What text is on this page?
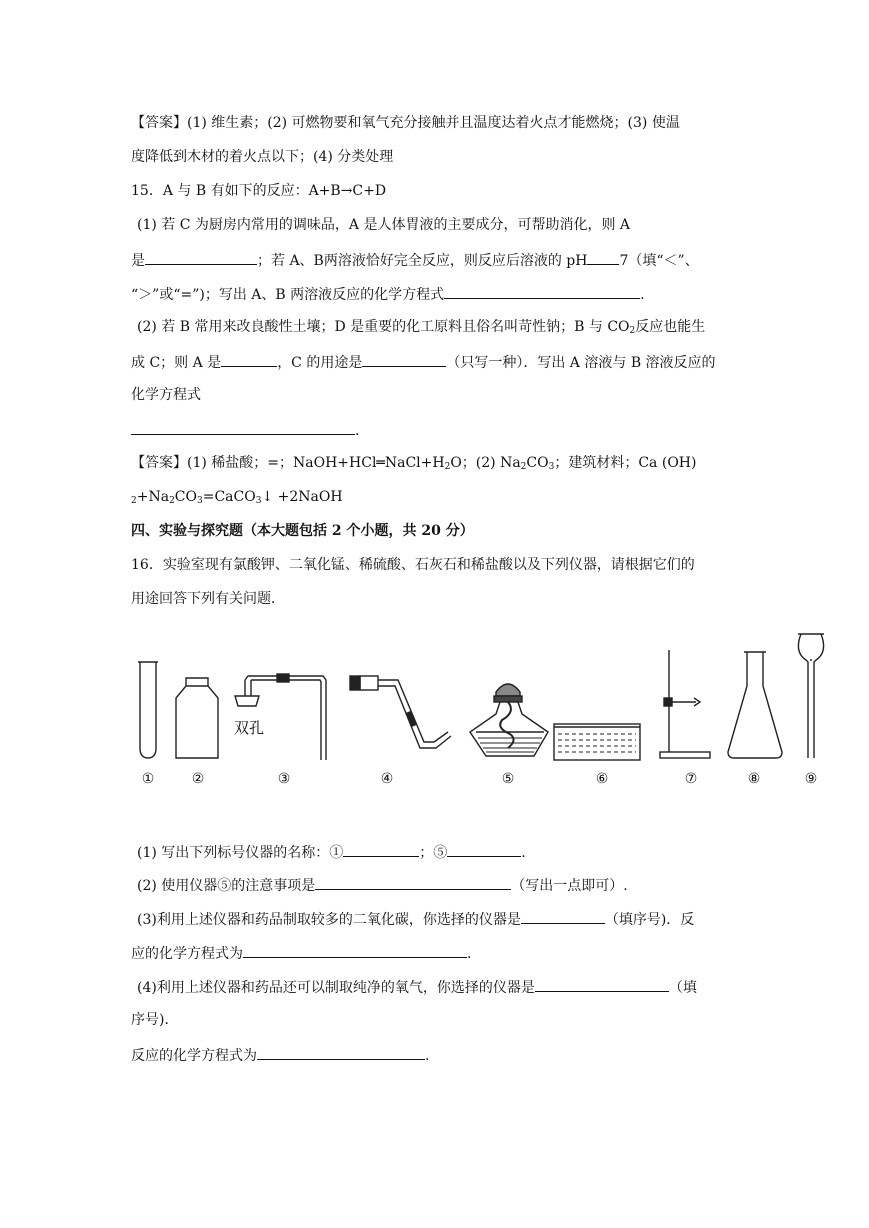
【答案】(1) 维生素；(2) 可燃物要和氧气充分接触并且温度达着火点才能燃烧；(3) 使温
度降低到木材的着火点以下；(4) 分类处理
15．A 与 B 有如下的反应：A+B→C+D
(1) 若 C 为厨房内常用的调味品，A 是人体胃液的主要成分，可帮助消化，则 A
是	；若 A、B两溶液恰好完全反应，则反应后溶液的 pH 7（填“＜”、
“＞”或“=”)；写出 A、B 两溶液反应的化学方程式	.
(2) 若 B 常用来改良酸性土壤；D 是重要的化工原料且俗名叫苛性钠；B 与 $CO_2$反应也能生
成 C；则 A 是	，C 的用途是	（只写一种）．写出 A 溶液与 B 溶液反应的
化学方程式
.
【答案】(1) 稀盐酸；=；$NaOH+HCl═NaCl+H_2O$；(2) $Na_2CO_3$；建筑材料；Ca (OH)
$_2+Na_2CO_3=CaCO_3↓$ +2NaOH
四、实验与探究题（本大题包括 2 个小题，共 20 分）
16．实验室现有氯酸钾、二氧化锰、稀硫酸、石灰石和稀盐酸以及下列仪器，请根据它们的
用途回答下列有关问题．
双孔
①	②	③	④	⑤	⑥	⑦	⑧	⑨
(1) 写出下列标号仪器的名称：①	；⑤	.
(2) 使用仪器⑤的注意事项是	（写出一点即可）.
(3)利用上述仪器和药品制取较多的二氧化碳，你选择的仪器是	（填序号)．反
应的化学方程式为	.
(4)利用上述仪器和药品还可以制取纯净的氧气，你选择的仪器是	（填
序号)．
反应的化学方程式为	.
